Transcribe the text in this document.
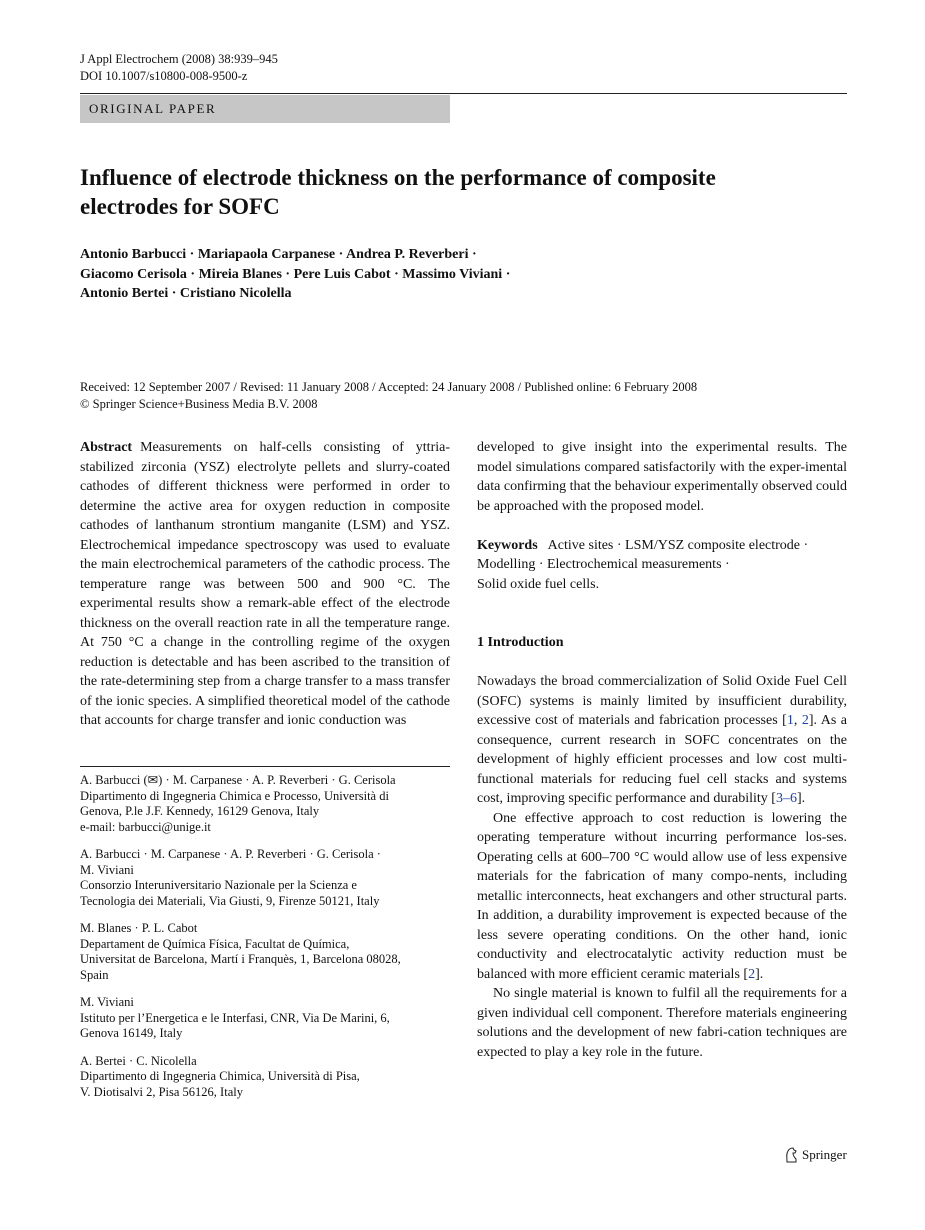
J Appl Electrochem (2008) 38:939–945
DOI 10.1007/s10800-008-9500-z
ORIGINAL PAPER
Influence of electrode thickness on the performance of composite
electrodes for SOFC
Antonio Barbucci · Mariapaola Carpanese · Andrea P. Reverberi ·
Giacomo Cerisola · Mireia Blanes · Pere Luis Cabot · Massimo Viviani ·
Antonio Bertei · Cristiano Nicolella
Received: 12 September 2007 / Revised: 11 January 2008 / Accepted: 24 January 2008 / Published online: 6 February 2008
© Springer Science+Business Media B.V. 2008

Abstract Measurements on half-cells consisting of yttria-stabilized zirconia (YSZ) electrolyte pellets and slurry-coated cathodes of different thickness were performed in order to determine the active area for oxygen reduction in composite cathodes of lanthanum strontium manganite (LSM) and YSZ. Electrochemical impedance spectroscopy was used to evaluate the main electrochemical parameters of the cathodic process. The temperature range was between 500 and 900 °C. The experimental results show a remark-able effect of the electrode thickness on the overall reaction rate in all the temperature range. At 750 °C a change in the controlling regime of the oxygen reduction is detectable and has been ascribed to the transition of the rate-determining step from a charge transfer to a mass transfer of the ionic species. A simplified theoretical model of the cathode that accounts for charge transfer and ionic conduction was

A. Barbucci (✉) · M. Carpanese · A. P. Reverberi · G. Cerisola
Dipartimento di Ingegneria Chimica e Processo, Università di
Genova, P.le J.F. Kennedy, 16129 Genova, Italy
e-mail: barbucci@unige.it
A. Barbucci · M. Carpanese · A. P. Reverberi · G. Cerisola ·
M. Viviani
Consorzio Interuniversitario Nazionale per la Scienza e
Tecnologia dei Materiali, Via Giusti, 9, Firenze 50121, Italy
M. Blanes · P. L. Cabot
Departament de Química Física, Facultat de Química,
Universitat de Barcelona, Martí i Franquès, 1, Barcelona 08028,
Spain
M. Viviani
Istituto per l’Energetica e le Interfasi, CNR, Via De Marini, 6,
Genova 16149, Italy
A. Bertei · C. Nicolella
Dipartimento di Ingegneria Chimica, Università di Pisa,
V. Diotisalvi 2, Pisa 56126, Italy

developed to give insight into the experimental results. The model simulations compared satisfactorily with the exper-imental data confirming that the behaviour experimentally observed could be approached with the proposed model.

Keywords Active sites · LSM/YSZ composite electrode ·
Modelling · Electrochemical measurements ·
Solid oxide fuel cells.

1 Introduction

Nowadays the broad commercialization of Solid Oxide Fuel Cell (SOFC) systems is mainly limited by insufficient durability, excessive cost of materials and fabrication processes [1, 2]. As a consequence, current research in SOFC concentrates on the development of highly efficient processes and low cost multi-functional materials for reducing fuel cell stacks and systems cost, improving specific performance and durability [3–6].

One effective approach to cost reduction is lowering the operating temperature without incurring performance los-ses. Operating cells at 600–700 °C would allow use of less expensive materials for the fabrication of many compo-nents, including metallic interconnects, heat exchangers and other structural parts. In addition, a durability improvement is expected because of the less severe operating conditions. On the other hand, ionic conductivity and electrocatalytic activity reduction must be balanced with more efficient ceramic materials [2].

No single material is known to fulfil all the requirements for a given individual cell component. Therefore materials engineering solutions and the development of new fabri-cation techniques are expected to play a key role in the future.

Springer
